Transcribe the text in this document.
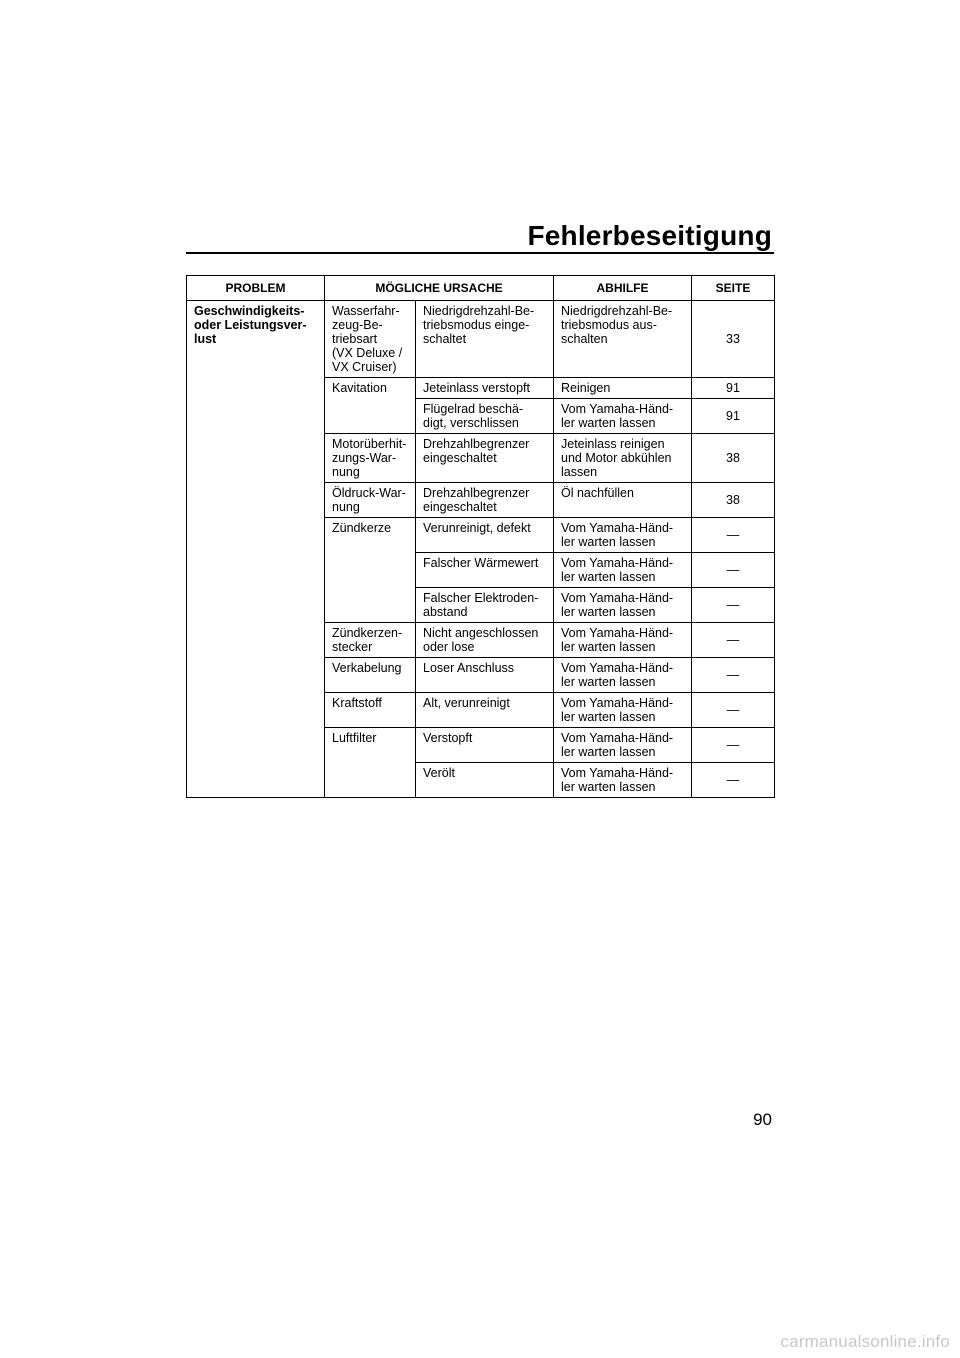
Fehlerbeseitigung
PROBLEM	MÖGLICHE URSACHE		ABHILFE	SEITE
Geschwindigkeits-
oder Leistungsver-
lust	Wasserfahr-
zeug-Be-
triebsart
(VX Deluxe /
VX Cruiser)	Niedrigdrehzahl-Be-
triebsmodus einge-
schaltet	Niedrigdrehzahl-Be-
triebsmodus aus-
schalten	33
	Kavitation	Jeteinlass verstopft	Reinigen	91
		Flügelrad beschä-
digt, verschlissen	Vom Yamaha-Händ-
ler warten lassen	91
	Motorüberhit-
zungs-War-
nung	Drehzahlbegrenzer
eingeschaltet	Jeteinlass reinigen
und Motor abkühlen
lassen	38
	Öldruck-War-
nung	Drehzahlbegrenzer
eingeschaltet	Öl nachfüllen	38
	Zündkerze	Verunreinigt, defekt	Vom Yamaha-Händ-
ler warten lassen	—
		Falscher Wärmewert	Vom Yamaha-Händ-
ler warten lassen	—
		Falscher Elektroden-
abstand	Vom Yamaha-Händ-
ler warten lassen	—
	Zündkerzen-
stecker	Nicht angeschlossen
oder lose	Vom Yamaha-Händ-
ler warten lassen	—
	Verkabelung	Loser Anschluss	Vom Yamaha-Händ-
ler warten lassen	—
	Kraftstoff	Alt, verunreinigt	Vom Yamaha-Händ-
ler warten lassen	—
	Luftfilter	Verstopft	Vom Yamaha-Händ-
ler warten lassen	—
		Verölt	Vom Yamaha-Händ-
ler warten lassen	—
90
carmanualsonline.info
